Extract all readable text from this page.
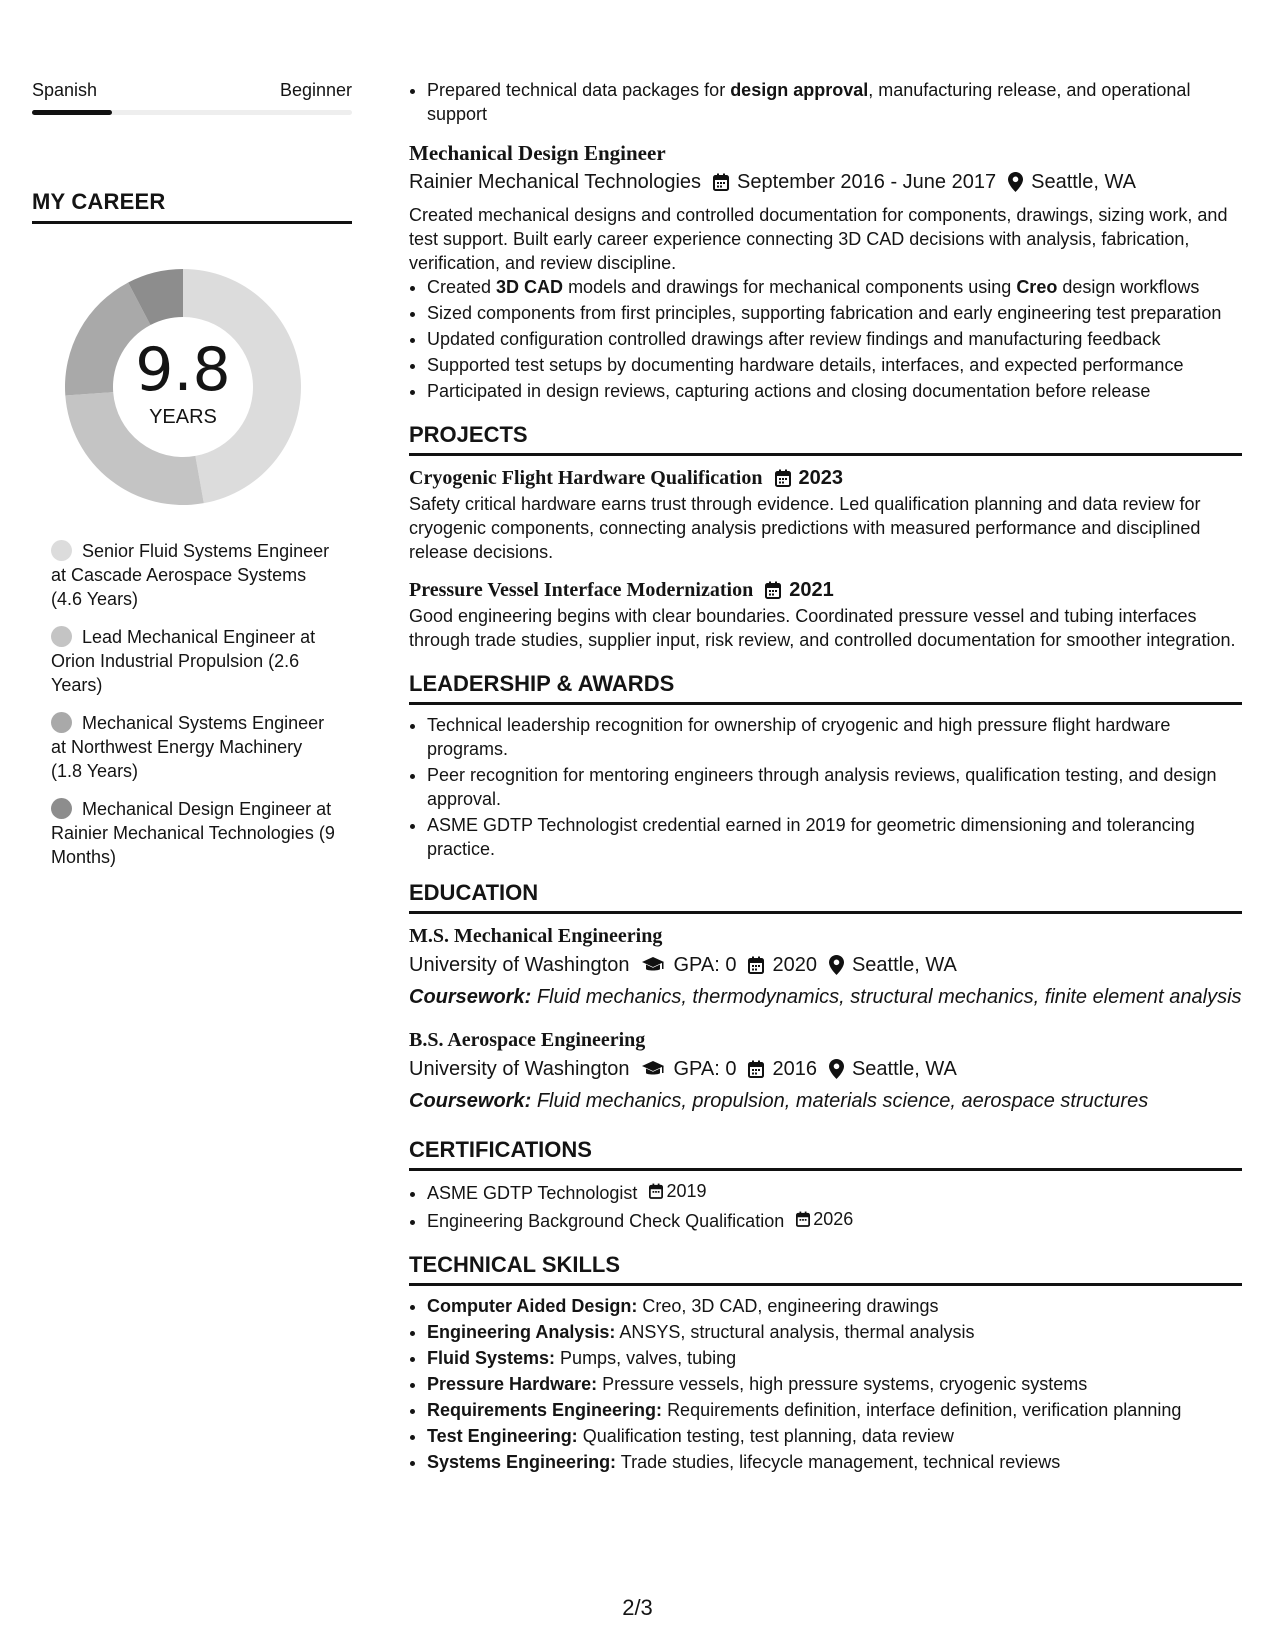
Spanish	Beginner
MY CAREER
9.8
YEARS
Senior Fluid Systems Engineer at Cascade Aerospace Systems (4.6 Years)
Lead Mechanical Engineer at Orion Industrial Propulsion (2.6 Years)
Mechanical Systems Engineer at Northwest Energy Machinery (1.8 Years)
Mechanical Design Engineer at Rainier Mechanical Technologies (9 Months)
• Prepared technical data packages for design approval, manufacturing release, and operational support
Mechanical Design Engineer
Rainier Mechanical Technologies September 2016 - June 2017 Seattle, WA
Created mechanical designs and controlled documentation for components, drawings, sizing work, and test support. Built early career experience connecting 3D CAD decisions with analysis, fabrication, verification, and review discipline.
• Created 3D CAD models and drawings for mechanical components using Creo design workflows
• Sized components from first principles, supporting fabrication and early engineering test preparation
• Updated configuration controlled drawings after review findings and manufacturing feedback
• Supported test setups by documenting hardware details, interfaces, and expected performance
• Participated in design reviews, capturing actions and closing documentation before release
PROJECTS
Cryogenic Flight Hardware Qualification 2023
Safety critical hardware earns trust through evidence. Led qualification planning and data review for cryogenic components, connecting analysis predictions with measured performance and disciplined release decisions.
Pressure Vessel Interface Modernization 2021
Good engineering begins with clear boundaries. Coordinated pressure vessel and tubing interfaces through trade studies, supplier input, risk review, and controlled documentation for smoother integration.
LEADERSHIP & AWARDS
• Technical leadership recognition for ownership of cryogenic and high pressure flight hardware programs.
• Peer recognition for mentoring engineers through analysis reviews, qualification testing, and design approval.
• ASME GDTP Technologist credential earned in 2019 for geometric dimensioning and tolerancing practice.
EDUCATION
M.S. Mechanical Engineering
University of Washington GPA: 0 2020 Seattle, WA
Coursework: Fluid mechanics, thermodynamics, structural mechanics, finite element analysis
B.S. Aerospace Engineering
University of Washington GPA: 0 2016 Seattle, WA
Coursework: Fluid mechanics, propulsion, materials science, aerospace structures
CERTIFICATIONS
• ASME GDTP Technologist 2019
• Engineering Background Check Qualification 2026
TECHNICAL SKILLS
• Computer Aided Design: Creo, 3D CAD, engineering drawings
• Engineering Analysis: ANSYS, structural analysis, thermal analysis
• Fluid Systems: Pumps, valves, tubing
• Pressure Hardware: Pressure vessels, high pressure systems, cryogenic systems
• Requirements Engineering: Requirements definition, interface definition, verification planning
• Test Engineering: Qualification testing, test planning, data review
• Systems Engineering: Trade studies, lifecycle management, technical reviews
2/3
